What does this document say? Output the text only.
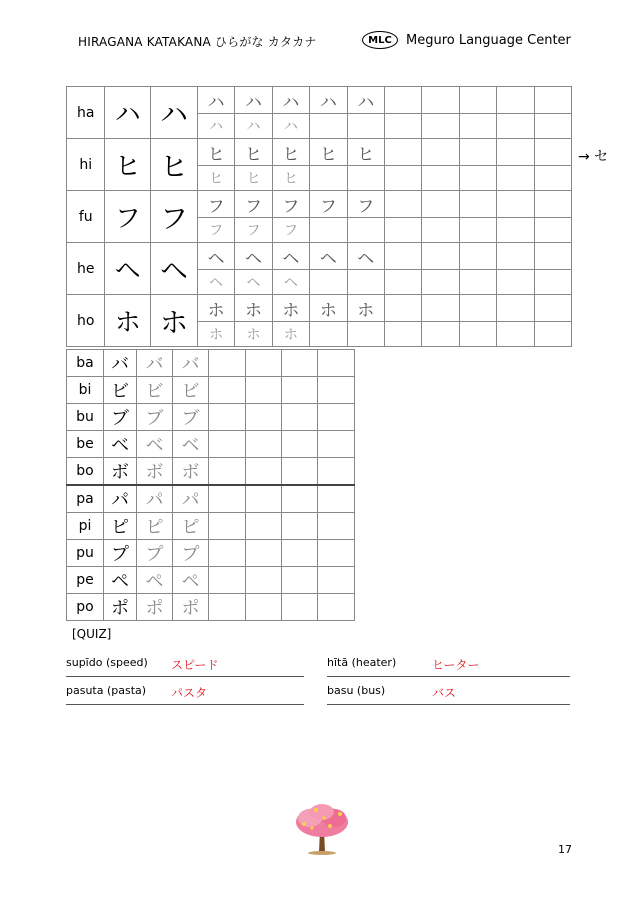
HIRAGANA KATAKANA ひらがな カタカナ	MLC	Meguro Language Center
ha	ハ	ハ	ハ	ハ	ハ	ハ	ハ					
			ハ	ハ	ハ							
hi	ヒ	ヒ	ヒ	ヒ	ヒ	ヒ	ヒ					
			ヒ	ヒ	ヒ							
fu	フ	フ	フ	フ	フ	フ	フ					
			フ	フ	フ							
he	ヘ	ヘ	ヘ	ヘ	ヘ	ヘ	ヘ					
			ヘ	ヘ	ヘ							
ho	ホ	ホ	ホ	ホ	ホ	ホ	ホ					
			ホ	ホ	ホ							
→ セ
ba	バ	バ	バ				
bi	ビ	ビ	ビ				
bu	ブ	ブ	ブ				
be	ベ	ベ	ベ				
bo	ボ	ボ	ボ				
pa	パ	パ	パ				
pi	ピ	ピ	ピ				
pu	プ	プ	プ				
pe	ペ	ペ	ペ				
po	ポ	ポ	ポ				
[QUIZ]
supīdo (speed)	スピード	hītā (heater)	ヒーター
pasuta (pasta)	パスタ	basu (bus)	バス
17
